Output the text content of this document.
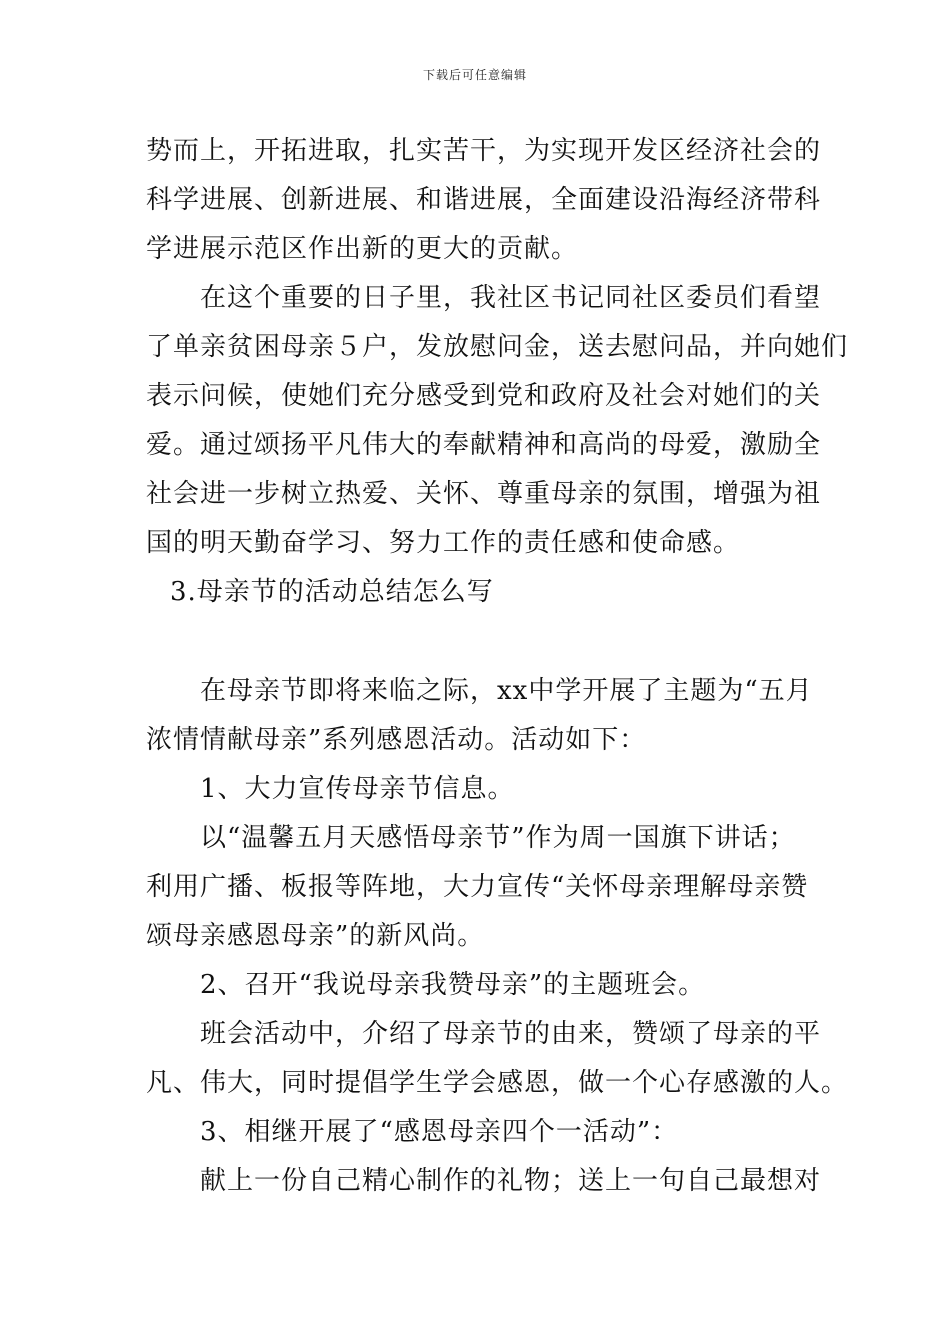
下载后可任意编辑
势而上，开拓进取，扎实苦干，为实现开发区经济社会的
科学进展、创新进展、和谐进展，全面建设沿海经济带科
学进展示范区作出新的更大的贡献。
在这个重要的日子里，我社区书记同社区委员们看望
了单亲贫困母亲５户，发放慰问金，送去慰问品，并向她们
表示问候，使她们充分感受到党和政府及社会对她们的关
爱。通过颂扬平凡伟大的奉献精神和高尚的母爱，激励全
社会进一步树立热爱、关怀、尊重母亲的氛围，增强为祖
国的明天勤奋学习、努力工作的责任感和使命感。
3.母亲节的活动总结怎么写
在母亲节即将来临之际，xx中学开展了主题为“五月
浓情情献母亲”系列感恩活动。活动如下：
1、大力宣传母亲节信息。
以“温馨五月天感悟母亲节”作为周一国旗下讲话；
利用广播、板报等阵地，大力宣传“关怀母亲理解母亲赞
颂母亲感恩母亲”的新风尚。
2、召开“我说母亲我赞母亲”的主题班会。
班会活动中，介绍了母亲节的由来，赞颂了母亲的平
凡、伟大，同时提倡学生学会感恩，做一个心存感激的人。
3、相继开展了“感恩母亲四个一活动”：
献上一份自己精心制作的礼物；送上一句自己最想对
